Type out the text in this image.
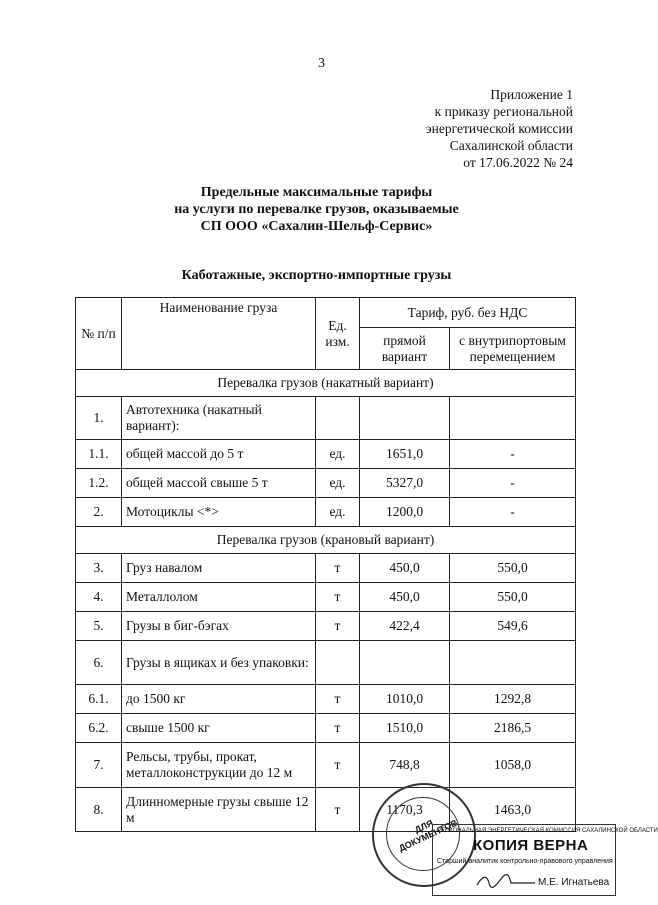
3
Приложение 1
к приказу региональной
энергетической комиссии
Сахалинской области
от 17.06.2022 № 24
Предельные максимальные тарифы
на услуги по перевалке грузов, оказываемые
СП ООО «Сахалин-Шельф-Сервис»
Каботажные, экспортно-импортные грузы
№ п/п	Наименование груза	Ед. изм.	Тариф, руб. без НДС	
			прямой вариант	с внутрипортовым перемещением
Перевалка грузов (накатный вариант)				
1.	Автотехника (накатный вариант):			
1.1.	общей массой до 5 т	ед.	1651,0	-
1.2.	общей массой свыше 5 т	ед.	5327,0	-
2.	Мотоциклы <*>	ед.	1200,0	-
Перевалка грузов (крановый вариант)				
3.	Груз навалом	т	450,0	550,0
4.	Металлолом	т	450,0	550,0
5.	Грузы в биг-бэгах	т	422,4	549,6
6.	Грузы в ящиках и без упаковки:			
6.1.	до 1500 кг	т	1010,0	1292,8
6.2.	свыше 1500 кг	т	1510,0	2186,5
7.	Рельсы, трубы, прокат, металлоконструкции до 12 м	т	748,8	1058,0
8.	Длинномерные грузы свыше 12 м	т	1170,3	1463,0
ДЛЯ ДОКУМЕНТОВ
РЕГИОНАЛЬНАЯ ЭНЕРГЕТИЧЕСКАЯ КОМИССИЯ САХАЛИНСКОЙ ОБЛАСТИ
КОПИЯ ВЕРНА
Старший аналитик контрольно-правового управления
М.Е. Игнатьева
